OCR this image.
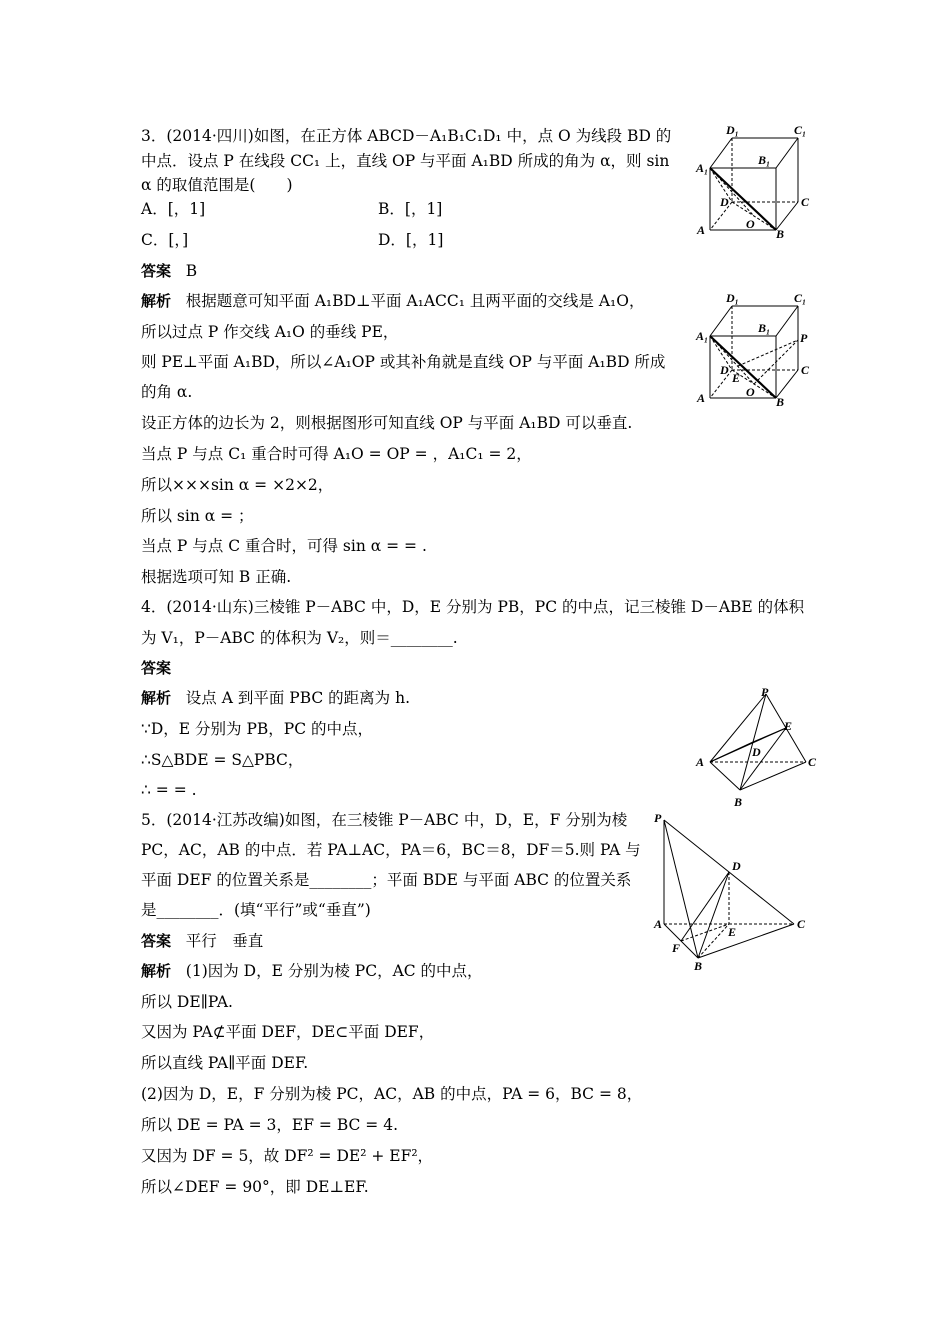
3．(2014·四川)如图，在正方体 ABCD－A₁B₁C₁D₁ 中，点 O 为线段 BD 的
中点．设点 P 在线段 CC₁ 上，直线 OP 与平面 A₁BD 所成的角为 α，则 sin
α 的取值范围是(　　)
A．[，1]	B．[，1]
C．[，]	D．[，1]
答案 B
解析 根据题意可知平面 A₁BD⊥平面 A₁ACC₁ 且两平面的交线是 A₁O，
所以过点 P 作交线 A₁O 的垂线 PE，
则 PE⊥平面 A₁BD，所以∠A₁OP 或其补角就是直线 OP 与平面 A₁BD 所成
的角 α.
设正方体的边长为 2，则根据图形可知直线 OP 与平面 A₁BD 可以垂直.
当点 P 与点 C₁ 重合时可得 A₁O = OP = ，A₁C₁ = 2，
所以×××sin α = ×2×2，
所以 sin α = ；
当点 P 与点 C 重合时，可得 sin α = = .
根据选项可知 B 正确.
4．(2014·山东)三棱锥 P－ABC 中，D，E 分别为 PB，PC 的中点，记三棱锥 D－ABE 的体积
为 V₁，P－ABC 的体积为 V₂，则＝________.
答案
解析 设点 A 到平面 PBC 的距离为 h.
∵D，E 分别为 PB，PC 的中点，
∴S△BDE = S△PBC，
∴ = = .
5．(2014·江苏改编)如图，在三棱锥 P－ABC 中，D，E，F 分别为棱
PC，AC，AB 的中点．若 PA⊥AC，PA＝6，BC＝8，DF＝5.则 PA 与
平面 DEF 的位置关系是________；平面 BDE 与平面 ABC 的位置关系
是________．(填“平行”或“垂直”)
答案 平行　垂直
解析 (1)因为 D，E 分别为棱 PC，AC 的中点，
所以 DE∥PA.
又因为 PA⊄平面 DEF，DE⊂平面 DEF，
所以直线 PA∥平面 DEF.
(2)因为 D，E，F 分别为棱 PC，AC，AB 的中点，PA = 6，BC = 8，
所以 DE = PA = 3，EF = BC = 4.
又因为 DF = 5，故 DF² = DE² + EF²，
所以∠DEF = 90°，即 DE⊥EF.
D₁	C₁
A₁
B₁
D	C
A	B
O
D₁	C₁
A₁
B₁
P
D
E
C
A	B
O
P
E
D
A	C
B
P
D
A
E
C
F
B
